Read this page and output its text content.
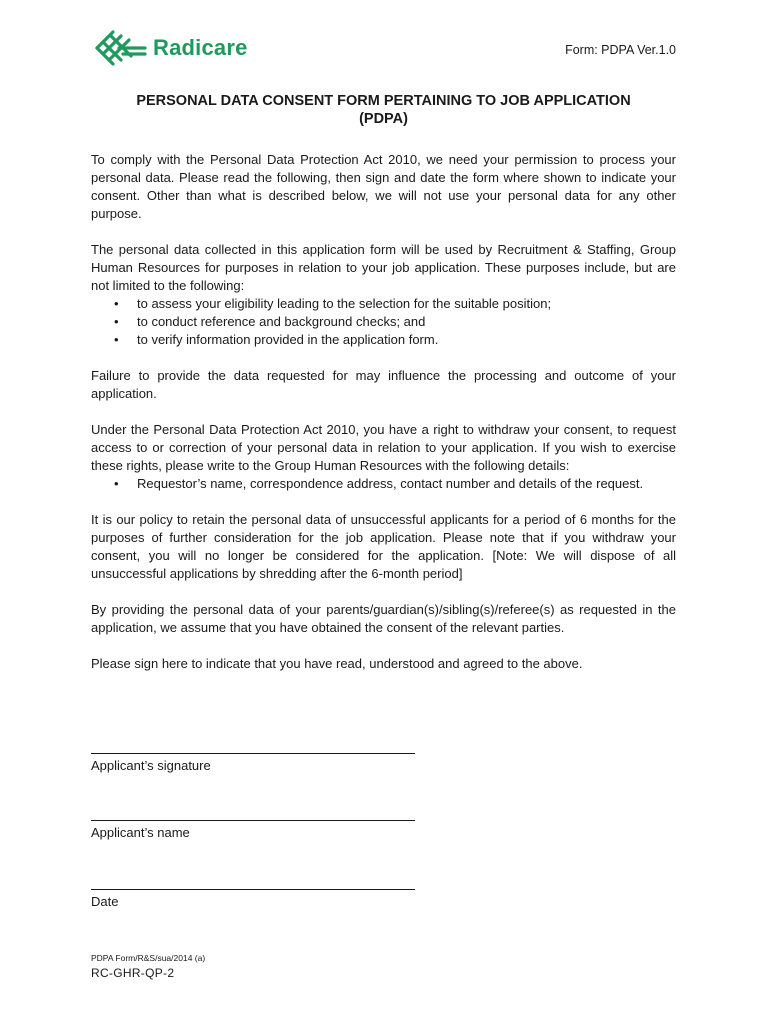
Radicare	Form: PDPA Ver.1.0
PERSONAL DATA CONSENT FORM PERTAINING TO JOB APPLICATION
(PDPA)

To comply with the Personal Data Protection Act 2010, we need your permission to process your personal data. Please read the following, then sign and date the form where shown to indicate your consent. Other than what is described below, we will not use your personal data for any other purpose.

The personal data collected in this application form will be used by Recruitment & Staffing, Group Human Resources for purposes in relation to your job application. These purposes include, but are not limited to the following:

• to assess your eligibility leading to the selection for the suitable position;
• to conduct reference and background checks; and
• to verify information provided in the application form.

Failure to provide the data requested for may influence the processing and outcome of your application.

Under the Personal Data Protection Act 2010, you have a right to withdraw your consent, to request access to or correction of your personal data in relation to your application. If you wish to exercise these rights, please write to the Group Human Resources with the following details:

• Requestor’s name, correspondence address, contact number and details of the request.

It is our policy to retain the personal data of unsuccessful applicants for a period of 6 months for the purposes of further consideration for the job application. Please note that if you withdraw your consent, you will no longer be considered for the application. [Note: We will dispose of all unsuccessful applications by shredding after the 6-month period]

By providing the personal data of your parents/guardian(s)/sibling(s)/referee(s) as requested in the application, we assume that you have obtained the consent of the relevant parties.

Please sign here to indicate that you have read, understood and agreed to the above.

Applicant’s signature
Applicant’s name
Date
PDPA Form/R&S/sua/2014 (a)
RC-GHR-QP-2
